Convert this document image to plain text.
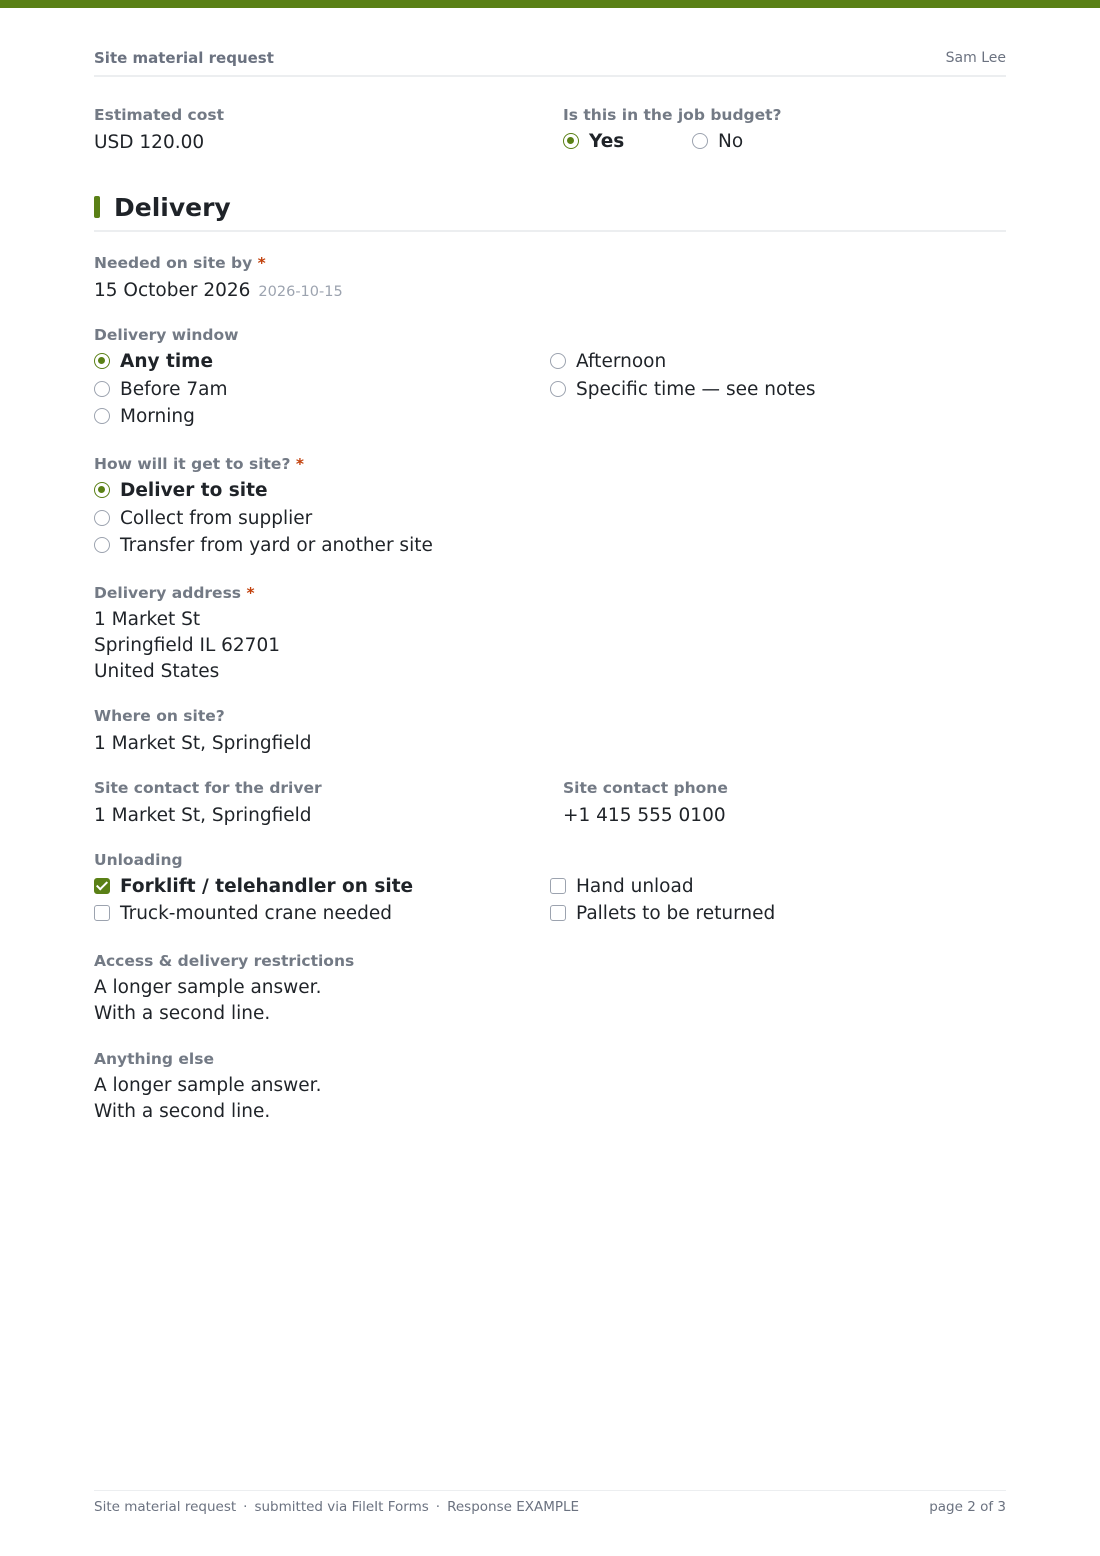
Site material request	Sam Lee
Estimated cost
USD 120.00
Is this in the job budget?
Yes	No
Delivery
Needed on site by *
15 October 2026 2026-10-15
Delivery window
Any time
Before 7am
Morning
Afternoon
Specific time — see notes
How will it get to site? *
Deliver to site
Collect from supplier
Transfer from yard or another site
Delivery address *
1 Market St
Springfield IL 62701
United States
Where on site?
1 Market St, Springfield
Site contact for the driver
1 Market St, Springfield
Site contact phone
+1 415 555 0100
Unloading
Forklift / telehandler on site
Truck-mounted crane needed
Hand unload
Pallets to be returned
Access & delivery restrictions
A longer sample answer.
With a second line.
Anything else
A longer sample answer.
With a second line.
Site material request · submitted via FileIt Forms · Response EXAMPLE	page 2 of 3
